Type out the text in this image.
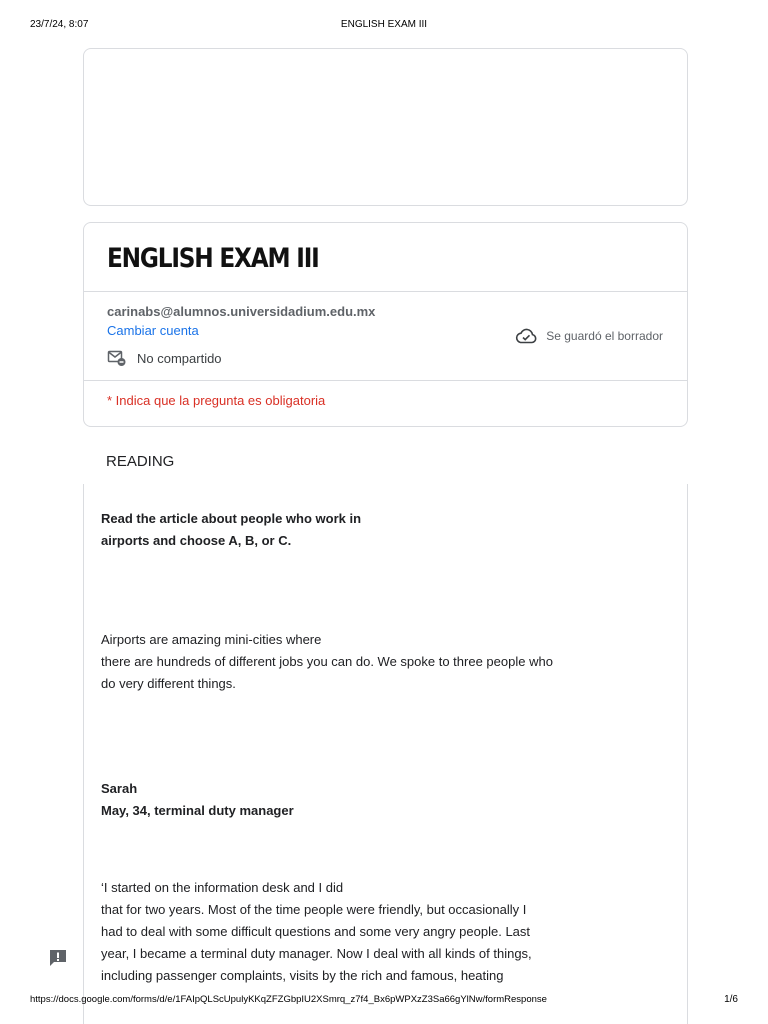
23/7/24, 8:07	ENGLISH EXAM III
ENGLISH EXAM III
carinabs@alumnos.universidadium.edu.mx
Cambiar cuenta
No compartido
Se guardó el borrador
* Indica que la pregunta es obligatoria
READING
Read the article about people who work in
airports and choose A, B, or C.
Airports are amazing mini-cities where
there are hundreds of different jobs you can do. We spoke to three people who
do very different things.
Sarah
May, 34, terminal duty manager
‘I started on the information desk and I did
that for two years. Most of the time people were friendly, but occasionally I
had to deal with some difficult questions and some very angry people. Last
year, I became a terminal duty manager. Now I deal with all kinds of things,
including passenger complaints, visits by the rich and famous, heating
https://docs.google.com/forms/d/e/1FAIpQLScUpulyKKqZFZGbpIU2XSmrq_z7f4_Bx6pWPXzZ3Sa66gYlNw/formResponse	1/6
